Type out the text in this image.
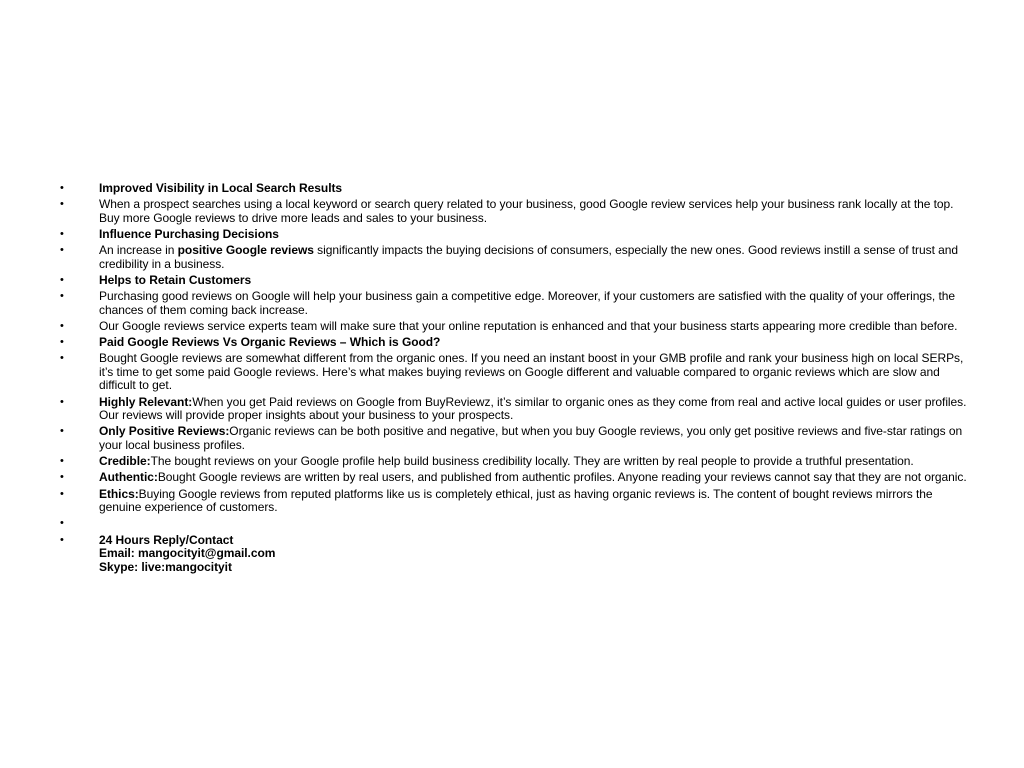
•	Improved Visibility in Local Search Results
•	When a prospect searches using a local keyword or search query related to your business, good Google review services help your business rank locally at the top. Buy more Google reviews to drive more leads and sales to your business.
•	Influence Purchasing Decisions
•	An increase in positive Google reviews significantly impacts the buying decisions of consumers, especially the new ones. Good reviews instill a sense of trust and credibility in a business.
•	Helps to Retain Customers
•	Purchasing good reviews on Google will help your business gain a competitive edge. Moreover, if your customers are satisfied with the quality of your offerings, the chances of them coming back increase.
•	Our Google reviews service experts team will make sure that your online reputation is enhanced and that your business starts appearing more credible than before.
•	Paid Google Reviews Vs Organic Reviews – Which is Good?
•	Bought Google reviews are somewhat different from the organic ones. If you need an instant boost in your GMB profile and rank your business high on local SERPs, it’s time to get some paid Google reviews. Here’s what makes buying reviews on Google different and valuable compared to organic reviews which are slow and difficult to get.
•	Highly Relevant:When you get Paid reviews on Google from BuyReviewz, it’s similar to organic ones as they come from real and active local guides or user profiles. Our reviews will provide proper insights about your business to your prospects.
•	Only Positive Reviews:Organic reviews can be both positive and negative, but when you buy Google reviews, you only get positive reviews and five-star ratings on your local business profiles.
•	Credible:The bought reviews on your Google profile help build business credibility locally. They are written by real people to provide a truthful presentation.
•	Authentic:Bought Google reviews are written by real users, and published from authentic profiles. Anyone reading your reviews cannot say that they are not organic.
•	Ethics:Buying Google reviews from reputed platforms like us is completely ethical, just as having organic reviews is. The content of bought reviews mirrors the genuine experience of customers.
•

•	24 Hours Reply/Contact
Email: mangocityit@gmail.com
Skype: live:mangocityit
